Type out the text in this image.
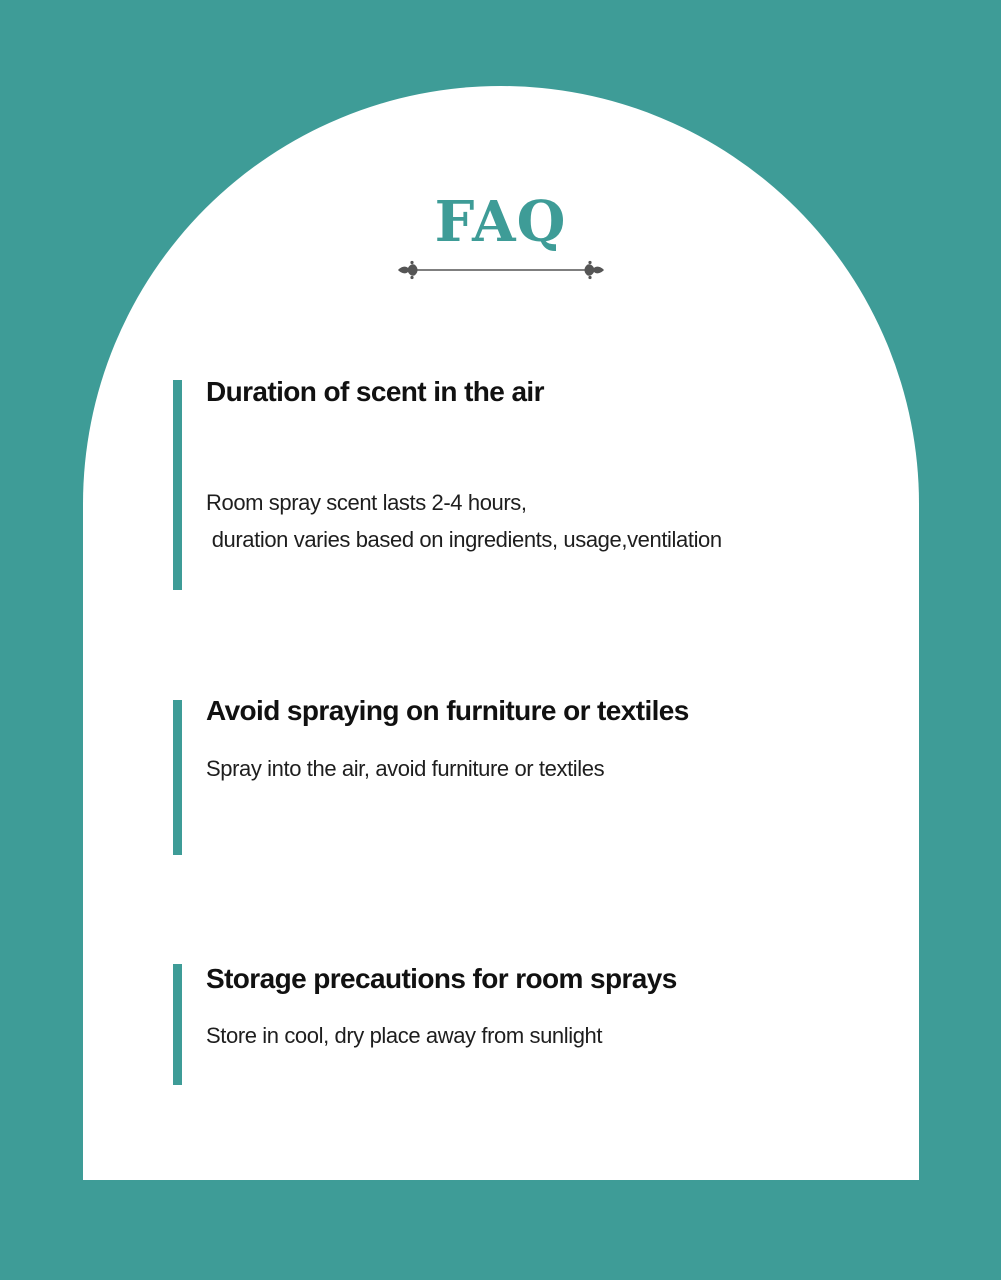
FAQ
Duration of scent in the air
Room spray scent lasts 2-4 hours,
duration varies based on ingredients, usage,ventilation
Avoid spraying on furniture or textiles
Spray into the air, avoid furniture or textiles
Storage precautions for room sprays
Store in cool, dry place away from sunlight
